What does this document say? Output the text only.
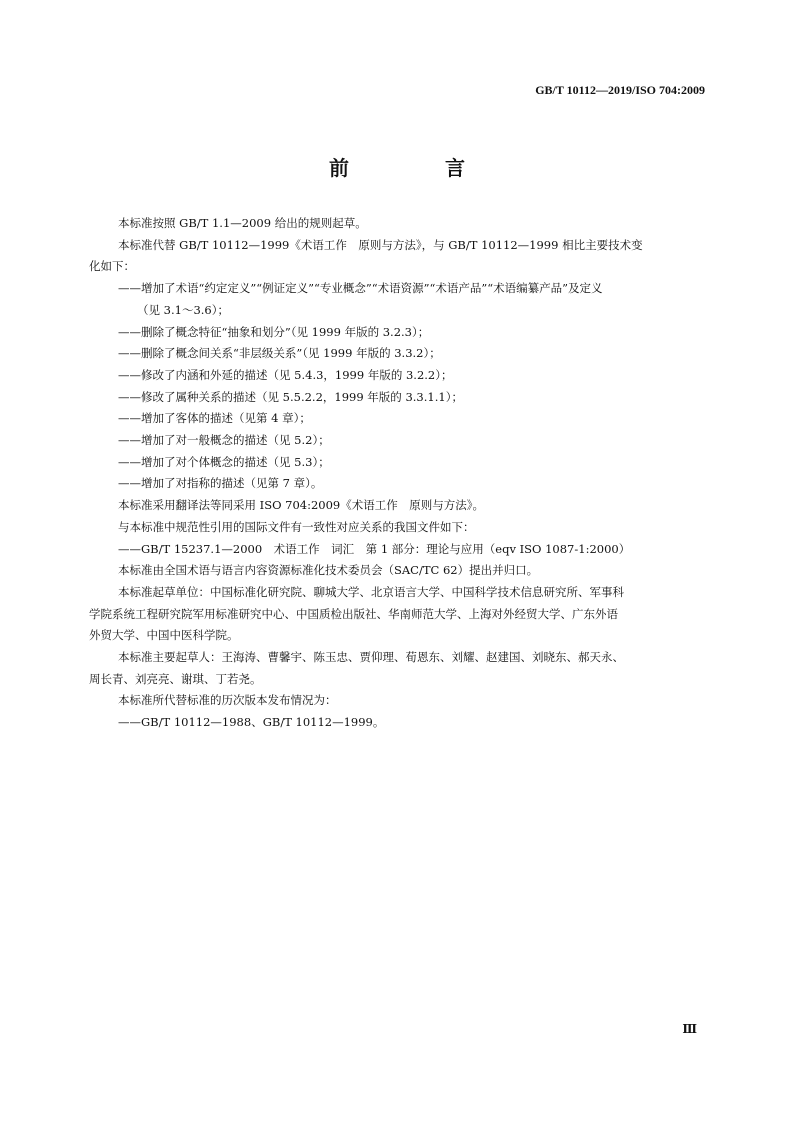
GB/T 10112—2019/ISO 704:2009
前　言
本标准按照 GB/T 1.1—2009 给出的规则起草。
本标准代替 GB/T 10112—1999《术语工作　原则与方法》，与 GB/T 10112—1999 相比主要技术变
化如下：
——增加了术语“约定定义”“例证定义”“专业概念”“术语资源”“术语产品”“术语编纂产品”及定义
（见 3.1～3.6）；
——删除了概念特征“抽象和划分”（见 1999 年版的 3.2.3）；
——删除了概念间关系“非层级关系”（见 1999 年版的 3.3.2）；
——修改了内涵和外延的描述（见 5.4.3，1999 年版的 3.2.2）；
——修改了属种关系的描述（见 5.5.2.2，1999 年版的 3.3.1.1）；
——增加了客体的描述（见第 4 章）；
——增加了对一般概念的描述（见 5.2）；
——增加了对个体概念的描述（见 5.3）；
——增加了对指称的描述（见第 7 章）。
本标准采用翻译法等同采用 ISO 704:2009《术语工作　原则与方法》。
与本标准中规范性引用的国际文件有一致性对应关系的我国文件如下：
——GB/T 15237.1—2000　术语工作　词汇　第 1 部分：理论与应用（eqv ISO 1087-1:2000）
本标准由全国术语与语言内容资源标准化技术委员会（SAC/TC 62）提出并归口。
本标准起草单位：中国标准化研究院、聊城大学、北京语言大学、中国科学技术信息研究所、军事科
学院系统工程研究院军用标准研究中心、中国质检出版社、华南师范大学、上海对外经贸大学、广东外语
外贸大学、中国中医科学院。
本标准主要起草人：王海涛、曹馨宇、陈玉忠、贾仰理、荀恩东、刘耀、赵建国、刘晓东、郝天永、
周长青、刘亮亮、谢琪、丁若尧。
本标准所代替标准的历次版本发布情况为：
——GB/T 10112—1988、GB/T 10112—1999。
Ⅲ
